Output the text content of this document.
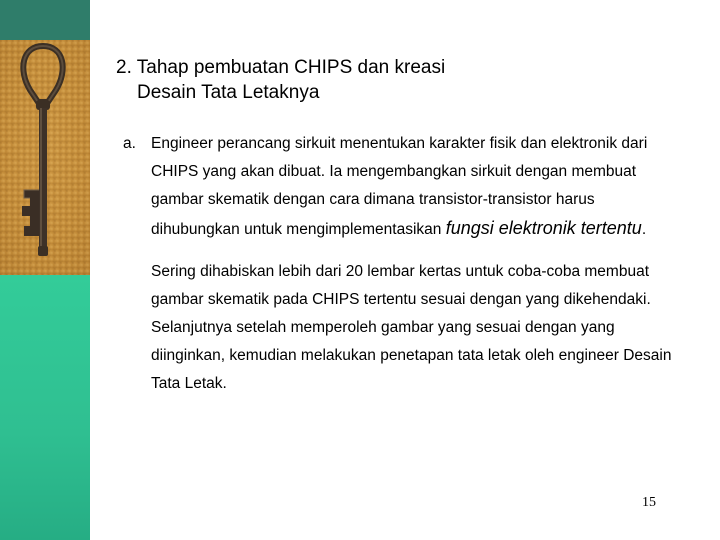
2. Tahap pembuatan CHIPS dan kreasi
Desain Tata Letaknya
a. Engineer perancang sirkuit menentukan karakter fisik dan elektronik dari CHIPS yang akan dibuat. Ia mengembangkan sirkuit dengan membuat gambar skematik dengan cara dimana transistor-transistor harus dihubungkan untuk mengimplementasikan fungsi elektronik tertentu.
Sering dihabiskan lebih dari 20 lembar kertas untuk coba-coba membuat gambar skematik pada CHIPS tertentu sesuai dengan yang dikehendaki. Selanjutnya setelah memperoleh gambar yang sesuai dengan yang diinginkan, kemudian melakukan penetapan tata letak oleh engineer Desain Tata Letak.
15
